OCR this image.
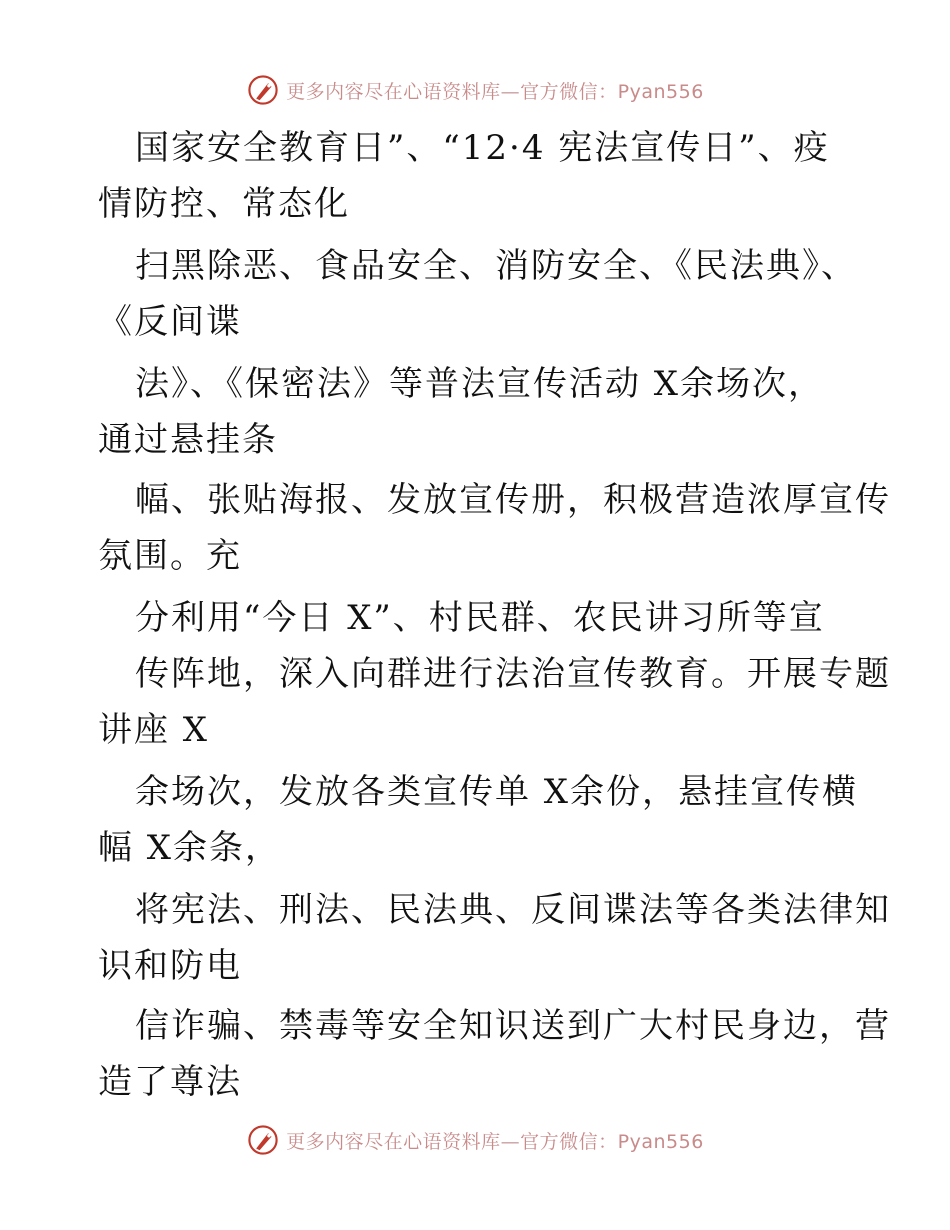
更多内容尽在心语资料库—官方微信：Pyan556
国家安全教育日”、“12·4 宪法宣传日”、疫
情防控、常态化
扫黑除恶、食品安全、消防安全、《民法典》、
《反间谍
法》、《保密法》等普法宣传活动 X余场次，
通过悬挂条
幅、张贴海报、发放宣传册，积极营造浓厚宣传
氛围。充
分利用“今日 X”、村民群、农民讲习所等宣
传阵地，深入向群进行法治宣传教育。开展专题
讲座 X
余场次，发放各类宣传单 X余份，悬挂宣传横
幅 X余条，
将宪法、刑法、民法典、反间谍法等各类法律知
识和防电
信诈骗、禁毒等安全知识送到广大村民身边，营
造了尊法
更多内容尽在心语资料库—官方微信：Pyan556
